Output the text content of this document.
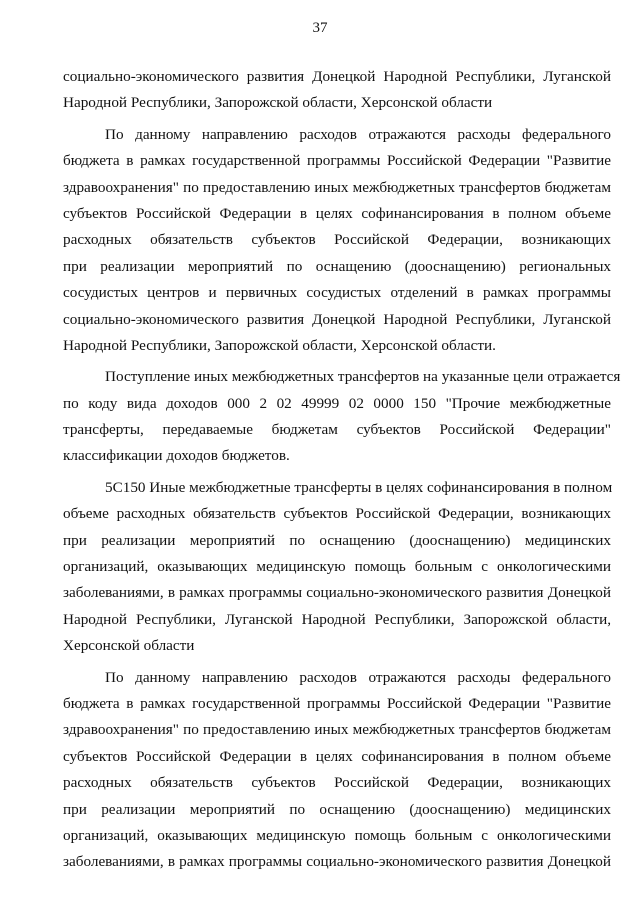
37
социально-экономического развития Донецкой Народной Республики, Луганской
Народной Республики, Запорожской области, Херсонской области
По данному направлению расходов отражаются расходы федерального
бюджета в рамках государственной программы Российской Федерации "Развитие
здравоохранения" по предоставлению иных межбюджетных трансфертов бюджетам
субъектов Российской Федерации в целях софинансирования в полном объеме
расходных обязательств субъектов Российской Федерации, возникающих
при реализации мероприятий по оснащению (дооснащению) региональных
сосудистых центров и первичных сосудистых отделений в рамках программы
социально-экономического развития Донецкой Народной Республики, Луганской
Народной Республики, Запорожской области, Херсонской области.
Поступление иных межбюджетных трансфертов на указанные цели отражается
по коду вида доходов 000 2 02 49999 02 0000 150 "Прочие межбюджетные
трансферты, передаваемые бюджетам субъектов Российской Федерации"
классификации доходов бюджетов.
5С150 Иные межбюджетные трансферты в целях софинансирования в полном
объеме расходных обязательств субъектов Российской Федерации, возникающих
при реализации мероприятий по оснащению (дооснащению) медицинских
организаций, оказывающих медицинскую помощь больным с онкологическими
заболеваниями, в рамках программы социально-экономического развития Донецкой
Народной Республики, Луганской Народной Республики, Запорожской области,
Херсонской области
По данному направлению расходов отражаются расходы федерального
бюджета в рамках государственной программы Российской Федерации "Развитие
здравоохранения" по предоставлению иных межбюджетных трансфертов бюджетам
субъектов Российской Федерации в целях софинансирования в полном объеме
расходных обязательств субъектов Российской Федерации, возникающих
при реализации мероприятий по оснащению (дооснащению) медицинских
организаций, оказывающих медицинскую помощь больным с онкологическими
заболеваниями, в рамках программы социально-экономического развития Донецкой
